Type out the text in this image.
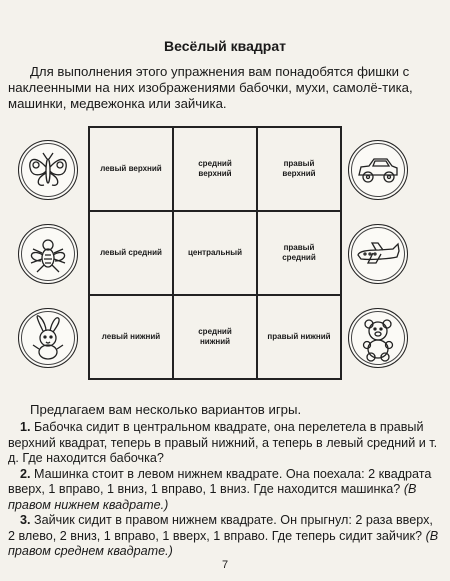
Весёлый квадрат
Для выполнения этого упражнения вам понадобятся фишки с наклеенными на них изображениями бабочки, мухи, самолё-тика, машинки, медвежонка или зайчика.
левый верхний
средний верхний
правый верхний
левый средний	центральный
правый средний
левый нижний
средний нижний
правый нижний
Предлагаем вам несколько вариантов игры.

1. Бабочка сидит в центральном квадрате, она перелетела в правый верхний квадрат, теперь в правый нижний, а теперь в левый средний и т. д. Где находится бабочка?

2. Машинка стоит в левом нижнем квадрате. Она поехала: 2 квадрата вверх, 1 вправо, 1 вниз, 1 вправо, 1 вниз. Где находится машинка? (В правом нижнем квадрате.)

3. Зайчик сидит в правом нижнем квадрате. Он прыгнул: 2 раза вверх, 2 влево, 2 вниз, 1 вправо, 1 вверх, 1 вправо. Где теперь сидит зайчик? (В правом среднем квадрате.)

7
